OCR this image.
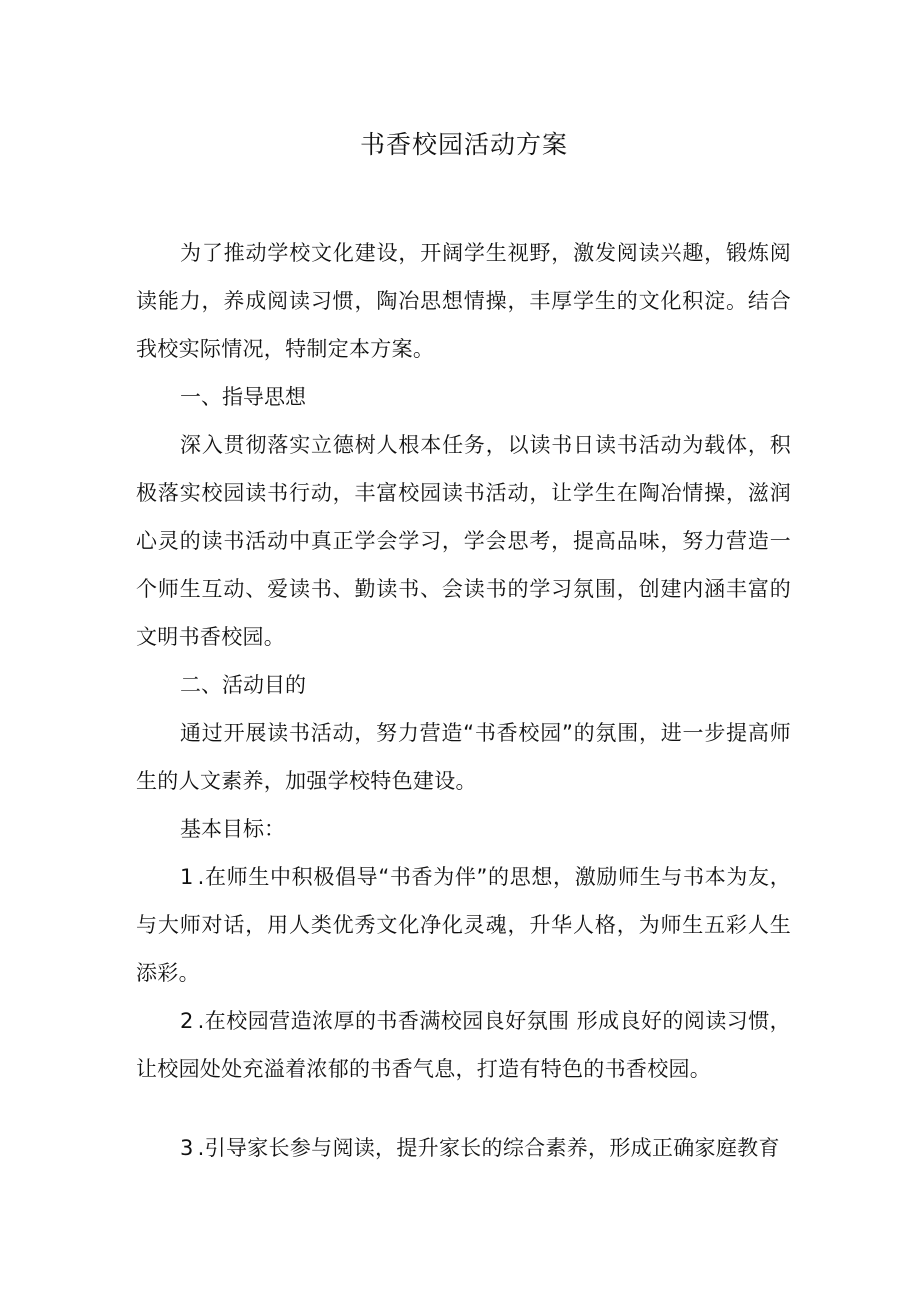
书香校园活动方案
为了推动学校文化建设，开阔学生视野，激发阅读兴趣，锻炼阅读能力，养成阅读习惯，陶冶思想情操，丰厚学生的文化积淀。结合我校实际情况，特制定本方案。
一、指导思想
深入贯彻落实立德树人根本任务，以读书日读书活动为载体，积极落实校园读书行动，丰富校园读书活动，让学生在陶冶情操，滋润心灵的读书活动中真正学会学习，学会思考，提高品味，努力营造一个师生互动、爱读书、勤读书、会读书的学习氛围，创建内涵丰富的文明书香校园。
二、活动目的
通过开展读书活动，努力营造“书香校园”的氛围，进一步提高师生的人文素养，加强学校特色建设。
基本目标：
1 .在师生中积极倡导“书香为伴”的思想，激励师生与书本为友，与大师对话，用人类优秀文化净化灵魂，升华人格，为师生五彩人生添彩。
2 .在校园营造浓厚的书香满校园良好氛围 形成良好的阅读习惯，让校园处处充溢着浓郁的书香气息，打造有特色的书香校园。
3 .引导家长参与阅读，提升家长的综合素养，形成正确家庭教育
